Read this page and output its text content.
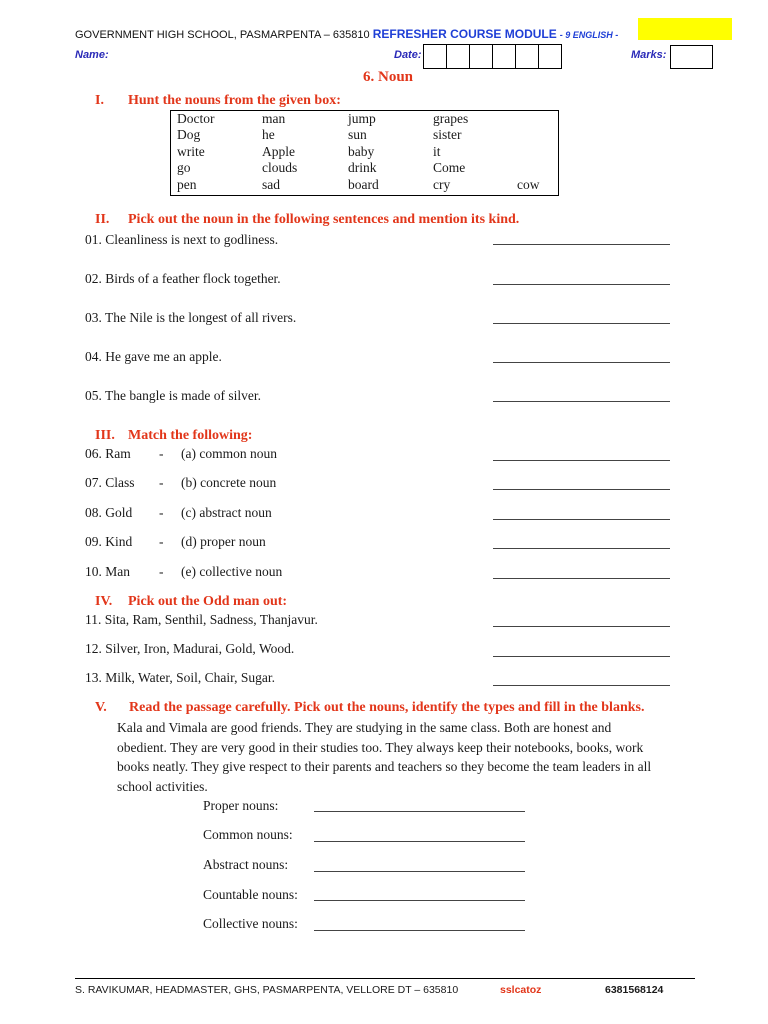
GOVERNMENT HIGH SCHOOL, PASMARPENTA – 635810 REFRESHER COURSE MODULE - 9 ENGLISH -
Name:	Date:	Marks:
6. Noun
I. Hunt the nouns from the given box:
Doctor	man	jump	grapes
Dog	he	sun	sister
write	Apple	baby	it
go	clouds	drink	Come
pen	sad	board	cry	cow
II. Pick out the noun in the following sentences and mention its kind.
01. Cleanliness is next to godliness.
02. Birds of a feather flock together.
03. The Nile is the longest of all rivers.
04. He gave me an apple.
05. The bangle is made of silver.
III. Match the following:
06. Ram - (a) common noun
07. Class - (b) concrete noun
08. Gold - (c) abstract noun
09. Kind - (d) proper noun
10. Man - (e) collective noun
IV. Pick out the Odd man out:
11. Sita, Ram, Senthil, Sadness, Thanjavur.
12. Silver, Iron, Madurai, Gold, Wood.
13. Milk, Water, Soil, Chair, Sugar.
V. Read the passage carefully. Pick out the nouns, identify the types and fill in the blanks.
Kala and Vimala are good friends. They are studying in the same class. Both are honest and obedient. They are very good in their studies too. They always keep their notebooks, books, work books neatly. They give respect to their parents and teachers so they become the team leaders in all school activities.
Proper nouns:
Common nouns:
Abstract nouns:
Countable nouns:
Collective nouns:
S. RAVIKUMAR, HEADMASTER, GHS, PASMARPENTA, VELLORE DT – 635810	sslcatoz	6381568124
